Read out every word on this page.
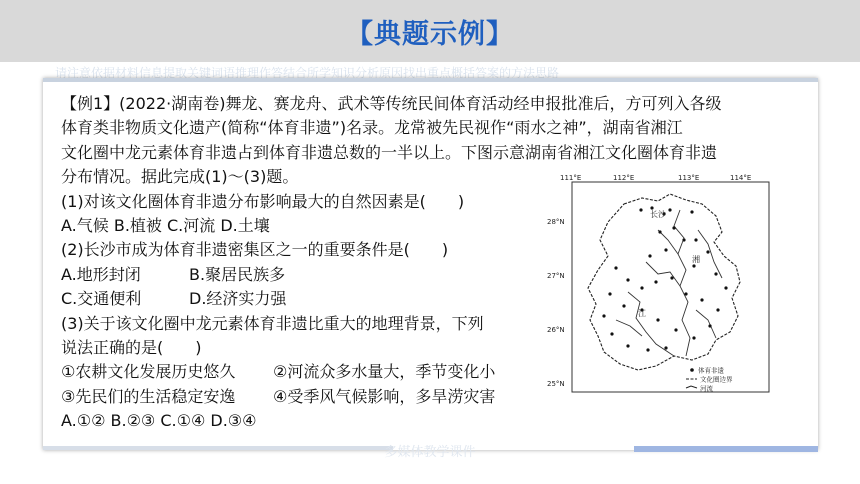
【典题示例】
请注意依据材料信息提取关键词语推理作答结合所学知识分析原因找出重点概括答案的方法思路
多媒体教学课件

【例1】(2022·湖南卷)舞龙、赛龙舟、武术等传统民间体育活动经申报批准后，方可列入各级

体育类非物质文化遗产(简称“体育非遗”)名录。龙常被先民视作“雨水之神”，湖南省湘江

文化圈中龙元素体育非遗占到体育非遗总数的一半以上。下图示意湖南省湘江文化圈体育非遗

分布情况。据此完成(1)～(3)题。

(1)对该文化圈体育非遗分布影响最大的自然因素是(　　)

A.气候 B.植被 C.河流 D.土壤

(2)长沙市成为体育非遗密集区之一的重要条件是(　　)

A.地形封闭	B.聚居民族多

C.交通便利	D.经济实力强

(3)关于该文化圈中龙元素体育非遗比重大的地理背景，下列

说法正确的是(　　)

①农耕文化发展历史悠久 ②河流众多水量大，季节变化小

③先民们的生活稳定安逸 ④受季风气候影响，多旱涝灾害

A.①② B.②③ C.①④ D.③④

111°E	112°E	113°E	114°E
28°N
27°N
26°N
25°N
长沙
湘
江
体育非遗
文化圈边界
河流
